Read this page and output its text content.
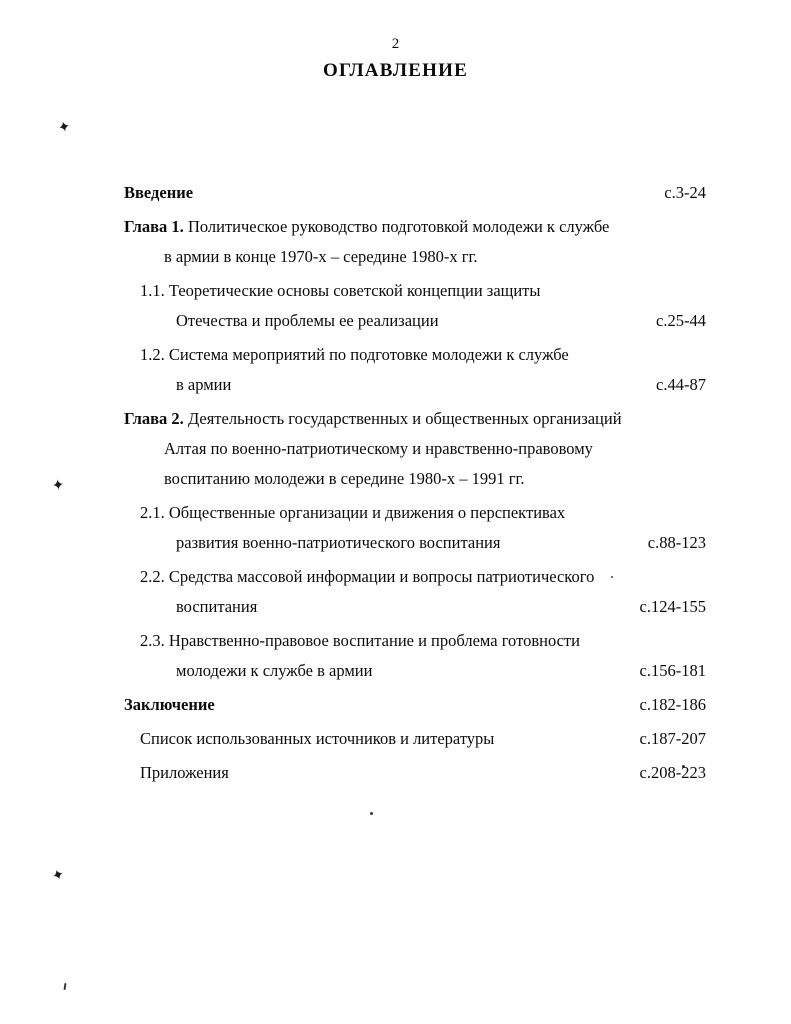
2
ОГЛАВЛЕНИЕ
✦
✦
✦
Введение	с.3-24
Глава 1. Политическое руководство подготовкой молодежи к службе
в армии в конце 1970-х – середине 1980-х гг.
1.1. Теоретические основы советской концепции защиты
Отечества и проблемы ее реализации	с.25-44
1.2. Система мероприятий по подготовке молодежи к службе
в армии	с.44-87
Глава 2. Деятельность государственных и общественных организаций
Алтая по военно-патриотическому и нравственно-правовому
воспитанию молодежи в середине 1980-х – 1991 гг.
2.1. Общественные организации и движения о перспективах
развития военно-патриотического воспитания	с.88-123
2.2. Средства массовой информации и вопросы патриотического
воспитания	с.124-155
2.3. Нравственно-правовое воспитание и проблема готовности
молодежи к службе в армии	с.156-181
Заключение	с.182-186
Список использованных источников и литературы	с.187-207
Приложения	с.208-223
